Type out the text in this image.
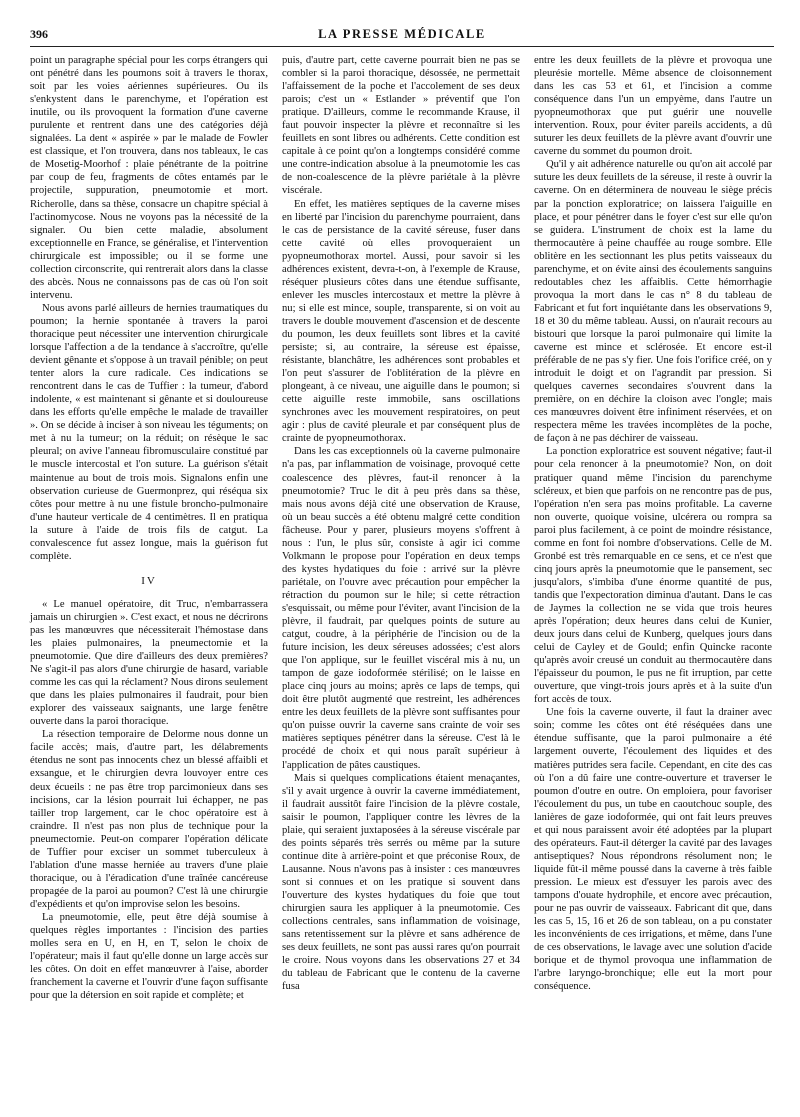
396	LA PRESSE MÉDICALE

point un paragraphe spécial pour les corps étrangers qui ont pénétré dans les poumons soit à travers le thorax, soit par les voies aériennes supérieures. Ou ils s'enkystent dans le parenchyme, et l'opération est inutile, ou ils provoquent la formation d'une caverne purulente et rentrent dans une des catégories déjà signalées. La dent « aspirée » par le malade de Fowler est classique, et l'on trouvera, dans nos tableaux, le cas de Mosetig-Moorhof : plaie pénétrante de la poitrine par coup de feu, fragments de côtes entamés par le projectile, suppuration, pneumotomie et mort. Richerolle, dans sa thèse, consacre un chapitre spécial à l'actinomycose. Nous ne voyons pas la nécessité de la signaler. Ou bien cette maladie, absolument exceptionnelle en France, se généralise, et l'intervention chirurgicale est impossible; ou il se forme une collection circonscrite, qui rentrerait alors dans la classe des abcès. Nous ne connaissons pas de cas où l'on soit intervenu.

Nous avons parlé ailleurs de hernies traumatiques du poumon; la hernie spontanée à travers la paroi thoracique peut nécessiter une intervention chirurgicale lorsque l'affection a de la tendance à s'accroître, qu'elle devient gênante et s'oppose à un travail pénible; on peut tenter alors la cure radicale. Ces indications se rencontrent dans le cas de Tuffier : la tumeur, d'abord indolente, « est maintenant si gênante et si douloureuse dans les efforts qu'elle empêche le malade de travailler ». On se décide à inciser à son niveau les téguments; on met à nu la tumeur; on la réduit; on résèque le sac pleural; on avive l'anneau fibromusculaire constitué par le muscle intercostal et l'on suture. La guérison s'était maintenue au bout de trois mois. Signalons enfin une observation curieuse de Guermonprez, qui réséqua six côtes pour mettre à nu une fistule broncho-pulmonaire d'une hauteur verticale de 4 centimètres. Il en pratiqua la suture à l'aide de trois fils de catgut. La convalescence fut assez longue, mais la guérison fut complète.

IV

« Le manuel opératoire, dit Truc, n'embarrassera jamais un chirurgien ». C'est exact, et nous ne décrirons pas les manœuvres que nécessiterait l'hémostase dans les plaies pulmonaires, la pneumectomie et la pneumotomie. Que dire d'ailleurs des deux premières? Ne s'agit-il pas alors d'une chirurgie de hasard, variable comme les cas qui la réclament? Nous dirons seulement que dans les plaies pulmonaires il faudrait, pour bien explorer des vaisseaux saignants, une large fenêtre ouverte dans la paroi thoracique.

La résection temporaire de Delorme nous donne un facile accès; mais, d'autre part, les délabrements étendus ne sont pas innocents chez un blessé affaibli et exsangue, et le chirurgien devra louvoyer entre ces deux écueils : ne pas être trop parcimonieux dans ses incisions, car la lésion pourrait lui échapper, ne pas tailler trop largement, car le choc opératoire est à craindre. Il n'est pas non plus de technique pour la pneumectomie. Peut-on comparer l'opération délicate de Tuffier pour exciser un sommet tuberculeux à l'ablation d'une masse herniée au travers d'une plaie thoracique, ou à l'éradication d'une traînée cancéreuse propagée de la paroi au poumon? C'est là une chirurgie d'expédients et qu'on improvise selon les besoins.

La pneumotomie, elle, peut être déjà soumise à quelques règles importantes : l'incision des parties molles sera en U, en H, en T, selon le choix de l'opérateur; mais il faut qu'elle donne un large accès sur les côtes. On doit en effet manœuvrer à l'aise, aborder franchement la caverne et l'ouvrir d'une façon suffisante pour que la détersion en soit rapide et complète; et

puis, d'autre part, cette caverne pourrait bien ne pas se combler si la paroi thoracique, désossée, ne permettait l'affaissement de la poche et l'accolement de ses deux parois; c'est un « Estlander » préventif que l'on pratique. D'ailleurs, comme le recommande Krause, il faut pouvoir inspecter la plèvre et reconnaître si les feuillets en sont libres ou adhérents. Cette condition est capitale à ce point qu'on a longtemps considéré comme une contre-indication absolue à la pneumotomie les cas de non-coalescence de la plèvre pariétale à la plèvre viscérale.

En effet, les matières septiques de la caverne mises en liberté par l'incision du parenchyme pourraient, dans le cas de persistance de la cavité séreuse, fuser dans cette cavité où elles provoqueraient un pyopneumothorax mortel. Aussi, pour savoir si les adhérences existent, devra-t-on, à l'exemple de Krause, réséquer plusieurs côtes dans une étendue suffisante, enlever les muscles intercostaux et mettre la plèvre à nu; si elle est mince, souple, transparente, si on voit au travers le double mouvement d'ascension et de descente du poumon, les deux feuillets sont libres et la cavité persiste; si, au contraire, la séreuse est épaisse, résistante, blanchâtre, les adhérences sont probables et l'on peut s'assurer de l'oblitération de la plèvre en plongeant, à ce niveau, une aiguille dans le poumon; si cette aiguille reste immobile, sans oscillations synchrones avec les mouvement respiratoires, on peut agir : plus de cavité pleurale et par conséquent plus de crainte de pyopneumothorax.

Dans les cas exceptionnels où la caverne pulmonaire n'a pas, par inflammation de voisinage, provoqué cette coalescence des plèvres, faut-il renoncer à la pneumotomie? Truc le dit à peu près dans sa thèse, mais nous avons déjà cité une observation de Krause, où un beau succès a été obtenu malgré cette condition fâcheuse. Pour y parer, plusieurs moyens s'offrent à nous : l'un, le plus sûr, consiste à agir ici comme Volkmann le propose pour l'opération en deux temps des kystes hydatiques du foie : arrivé sur la plèvre pariétale, on l'ouvre avec précaution pour empêcher la rétraction du poumon sur le hile; si cette rétraction s'esquissait, ou même pour l'éviter, avant l'incision de la plèvre, il faudrait, par quelques points de suture au catgut, coudre, à la périphérie de l'incision ou de la future incision, les deux séreuses adossées; c'est alors que l'on applique, sur le feuillet viscéral mis à nu, un tampon de gaze iodoformée stérilisé; on le laisse en place cinq jours au moins; après ce laps de temps, qui doit être plutôt augmenté que restreint, les adhérences entre les deux feuillets de la plèvre sont suffisantes pour qu'on puisse ouvrir la caverne sans crainte de voir ses matières septiques pénétrer dans la séreuse. C'est là le procédé de choix et qui nous paraît supérieur à l'application de pâtes caustiques.

Mais si quelques complications étaient menaçantes, s'il y avait urgence à ouvrir la caverne immédiatement, il faudrait aussitôt faire l'incision de la plèvre costale, saisir le poumon, l'appliquer contre les lèvres de la plaie, qui seraient juxtaposées à la séreuse viscérale par des points séparés très serrés ou même par la suture continue dite à arrière-point et que préconise Roux, de Lausanne. Nous n'avons pas à insister : ces manœuvres sont si connues et on les pratique si souvent dans l'ouverture des kystes hydatiques du foie que tout chirurgien saura les appliquer à la pneumotomie. Ces collections centrales, sans inflammation de voisinage, sans retentissement sur la plèvre et sans adhérence de ses deux feuillets, ne sont pas aussi rares qu'on pourrait le croire. Nous voyons dans les observations 27 et 34 du tableau de Fabricant que le contenu de la caverne fusa

entre les deux feuillets de la plèvre et provoqua une pleurésie mortelle. Même absence de cloisonnement dans les cas 53 et 61, et l'incision a comme conséquence dans l'un un empyème, dans l'autre un pyopneumothorax que put guérir une nouvelle intervention. Roux, pour éviter pareils accidents, a dû suturer les deux feuillets de la plèvre avant d'ouvrir une caverne du sommet du poumon droit.

Qu'il y ait adhérence naturelle ou qu'on ait accolé par suture les deux feuillets de la séreuse, il reste à ouvrir la caverne. On en déterminera de nouveau le siège précis par la ponction exploratrice; on laissera l'aiguille en place, et pour pénétrer dans le foyer c'est sur elle qu'on se guidera. L'instrument de choix est la lame du thermocautère à peine chauffée au rouge sombre. Elle oblitère en les sectionnant les plus petits vaisseaux du parenchyme, et on évite ainsi des écoulements sanguins redoutables chez les affaiblis. Cette hémorrhagie provoqua la mort dans le cas n° 8 du tableau de Fabricant et fut fort inquiétante dans les observations 9, 18 et 30 du même tableau. Aussi, on n'aurait recours au bistouri que lorsque la paroi pulmonaire qui limite la caverne est mince et sclérosée. Et encore est-il préférable de ne pas s'y fier. Une fois l'orifice créé, on y introduit le doigt et on l'agrandit par pression. Si quelques cavernes secondaires s'ouvrent dans la première, on en déchire la cloison avec l'ongle; mais ces manœuvres doivent être infiniment réservées, et on respectera même les travées incomplètes de la poche, de façon à ne pas déchirer de vaisseau.

La ponction exploratrice est souvent négative; faut-il pour cela renoncer à la pneumotomie? Non, on doit pratiquer quand même l'incision du parenchyme scléreux, et bien que parfois on ne rencontre pas de pus, l'opération n'en sera pas moins profitable. La caverne non ouverte, quoique voisine, ulcérera ou rompra sa paroi plus facilement, à ce point de moindre résistance, comme en font foi nombre d'observations. Celle de M. Gronbé est très remarquable en ce sens, et ce n'est que cinq jours après la pneumotomie que le pansement, sec jusqu'alors, s'imbiba d'une énorme quantité de pus, tandis que l'expectoration diminua d'autant. Dans le cas de Jaymes la collection ne se vida que trois heures après l'opération; deux heures dans celui de Kunier, deux jours dans celui de Kunberg, quelques jours dans celui de Cayley et de Gould; enfin Quincke raconte qu'après avoir creusé un conduit au thermocautère dans l'épaisseur du poumon, le pus ne fit irruption, par cette ouverture, que vingt-trois jours après et à la suite d'un fort accès de toux.

Une fois la caverne ouverte, il faut la drainer avec soin; comme les côtes ont été réséquées dans une étendue suffisante, que la paroi pulmonaire a été largement ouverte, l'écoulement des liquides et des matières putrides sera facile. Cependant, en cite des cas où l'on a dû faire une contre-ouverture et traverser le poumon d'outre en outre. On emploiera, pour favoriser l'écoulement du pus, un tube en caoutchouc souple, des lanières de gaze iodoformée, qui ont fait leurs preuves et qui nous paraissent avoir été adoptées par la plupart des opérateurs. Faut-il déterger la cavité par des lavages antiseptiques? Nous répondrons résolument non; le liquide fût-il même poussé dans la caverne à très faible pression. Le mieux est d'essuyer les parois avec des tampons d'ouate hydrophile, et encore avec précaution, pour ne pas ouvrir de vaisseaux. Fabricant dit que, dans les cas 5, 15, 16 et 26 de son tableau, on a pu constater les inconvénients de ces irrigations, et même, dans l'une de ces observations, le lavage avec une solution d'acide borique et de thymol provoqua une inflammation de l'arbre laryngo-bronchique; elle eut la mort pour conséquence.
